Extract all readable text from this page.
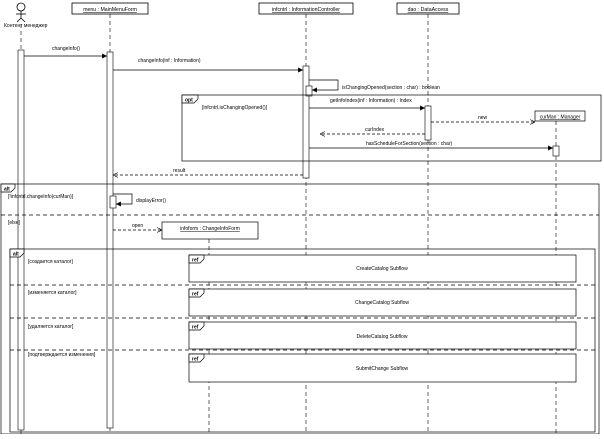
Контент менеджер
menu : MainMenuForm	infcntrl : InformationController	dao : DataAccess
changeInfo()
changeInfo(inf : Information)
isChangingOpened(section : char) : boolean
getInfoIndex(inf : Information) : Index
new
curIndex
hasScheduleForSection(section : char)
result
displayError()
open
curMan : Manager
infoform : ChangeInfoForm
opt
[infcntrl.isChangingOpened()]
alt
[!infcntrl.changeInfo(curMan)]
[else]
alt
[создается каталог]
[изменяется каталог]
[удаляется каталог]
[подтверждается изменения]
ref
CreateCatalog Subflow
ref
ChangeCatalog Subflow
ref
DeleteCatalog Subflow
ref
SubmitChange Subflow
